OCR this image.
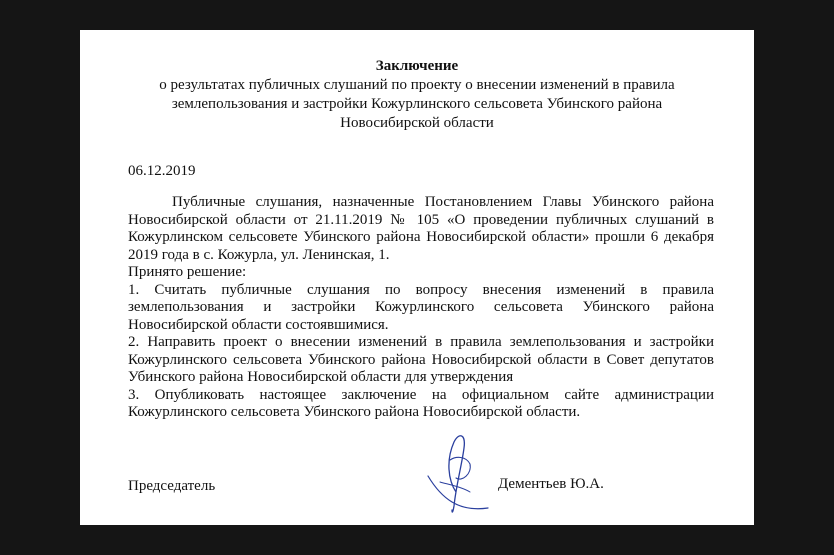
Заключение
о результатах публичных слушаний по проекту о внесении изменений в правила
землепользования и застройки Кожурлинского сельсовета Убинского района
Новосибирской области
06.12.2019

Публичные слушания, назначенные Постановлением Главы Убинского района Новосибирской области от 21.11.2019 № 105 «О проведении публичных слушаний в Кожурлинском сельсовете Убинского района Новосибирской области» прошли 6 декабря 2019 года в с. Кожурла, ул. Ленинская, 1.

Принято решение:

1. Считать публичные слушания по вопросу внесения изменений в правила землепользования и застройки Кожурлинского сельсовета Убинского района Новосибирской области состоявшимися.

2. Направить проект о внесении изменений в правила землепользования и застройки Кожурлинского сельсовета Убинского района Новосибирской области в Совет депутатов Убинского района Новосибирской области для утверждения

3. Опубликовать настоящее заключение на официальном сайте администрации Кожурлинского сельсовета Убинского района Новосибирской области.

Председатель	Дементьев Ю.А.
